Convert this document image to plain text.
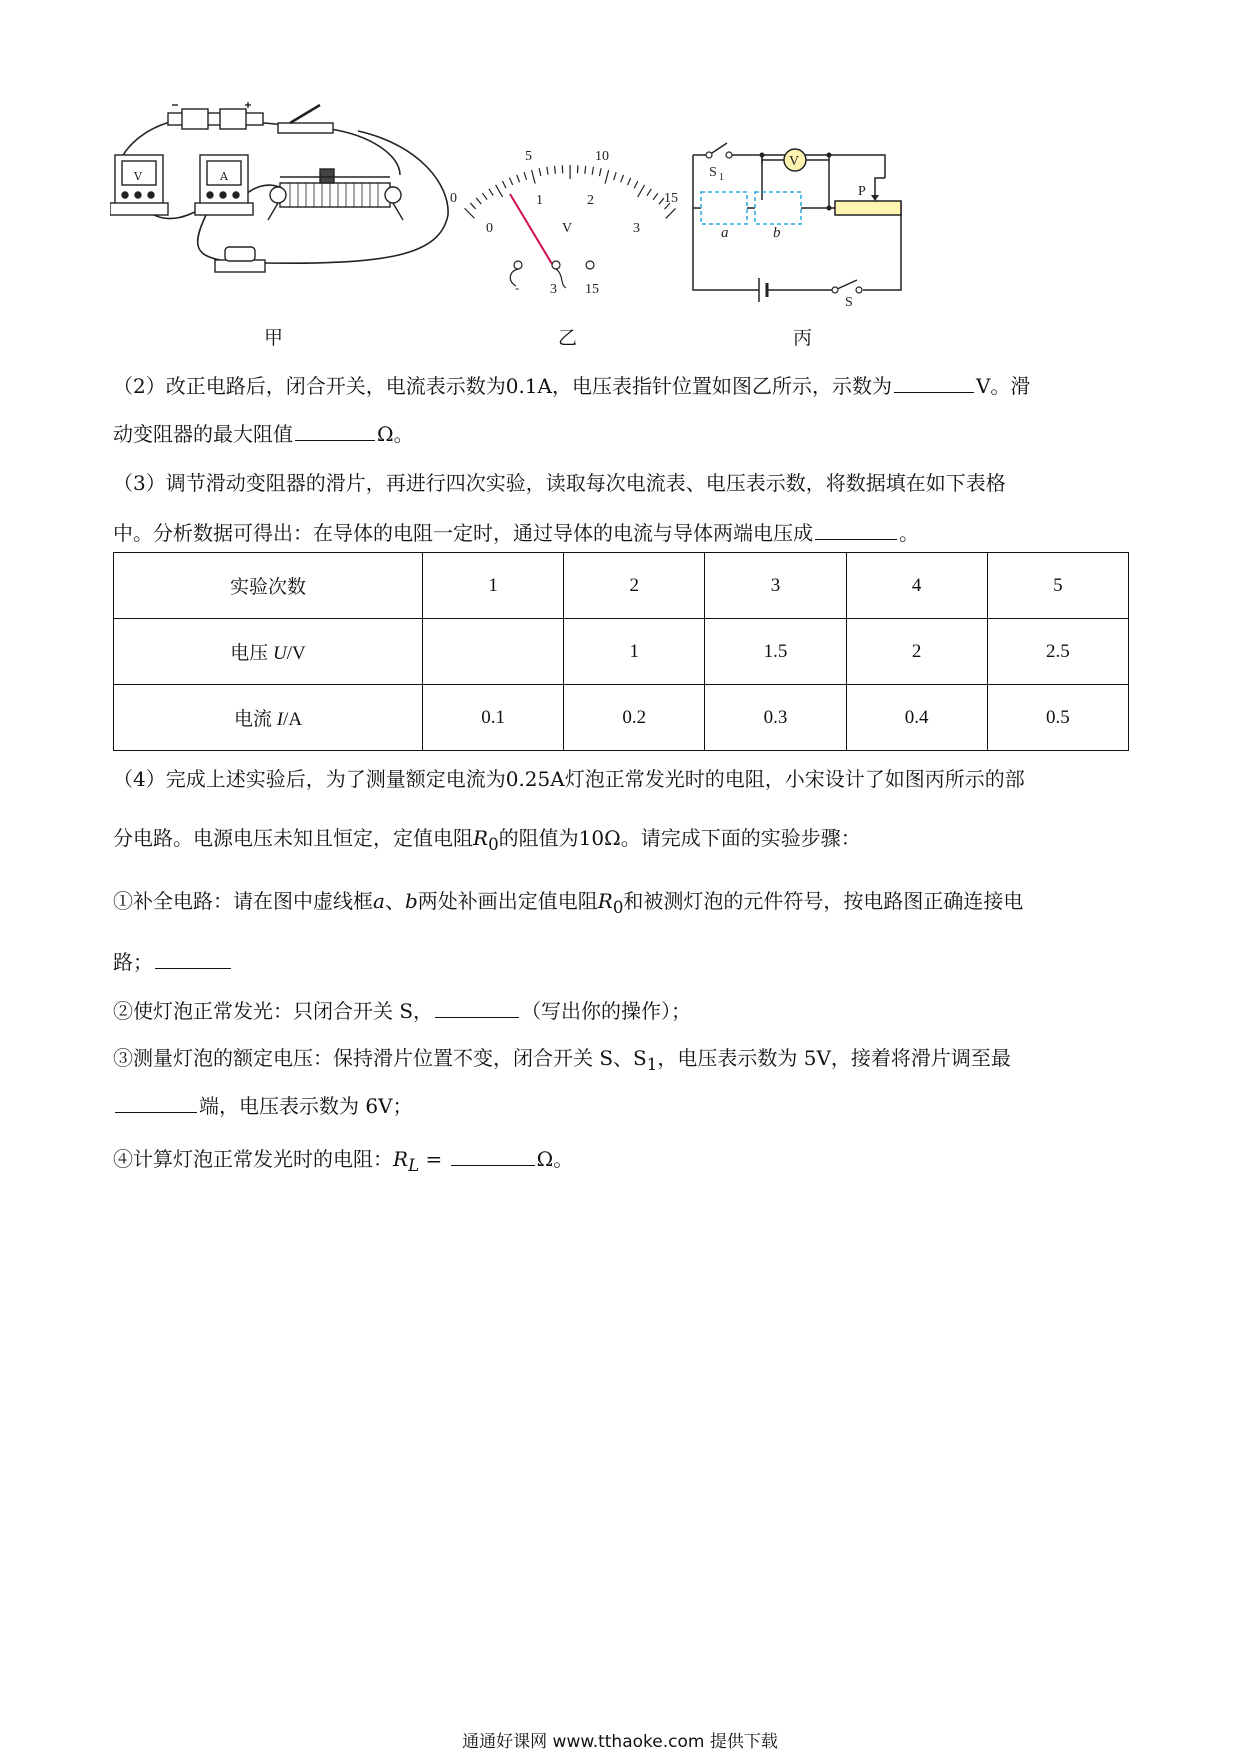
V	A
甲
0
5	10
15
0
1	2
3
V
- 3 15
乙
V
S 1
P
a	b
S
丙
（2）改正电路后，闭合开关，电流表示数为0.1A，电压表指针位置如图乙所示，示数为	V。滑
动变阻器的最大阻值	Ω。
（3）调节滑动变阻器的滑片，再进行四次实验，读取每次电流表、电压表示数，将数据填在如下表格
中。分析数据可得出：在导体的电阻一定时，通过导体的电流与导体两端电压成	。
实验次数	1	2	3	4	5
电压 U/V		1	1.5	2	2.5
电流 I/A	0.1	0.2	0.3	0.4	0.5
（4）完成上述实验后，为了测量额定电流为0.25A灯泡正常发光时的电阻，小宋设计了如图丙所示的部
分电路。电源电压未知且恒定，定值电阻$R_0$的阻值为10Ω。请完成下面的实验步骤：
①补全电路：请在图中虚线框a、b两处补画出定值电阻$R_0$和被测灯泡的元件符号，按电路图正确连接电
路；
②使灯泡正常发光：只闭合开关 S，	（写出你的操作）；
③测量灯泡的额定电压：保持滑片位置不变，闭合开关 S、$S_1$，电压表示数为 5V，接着将滑片调至最
端，电压表示数为 6V；
④计算灯泡正常发光时的电阻：$R_L$ =	Ω。
通通好课网 www.tthaoke.com 提供下载
